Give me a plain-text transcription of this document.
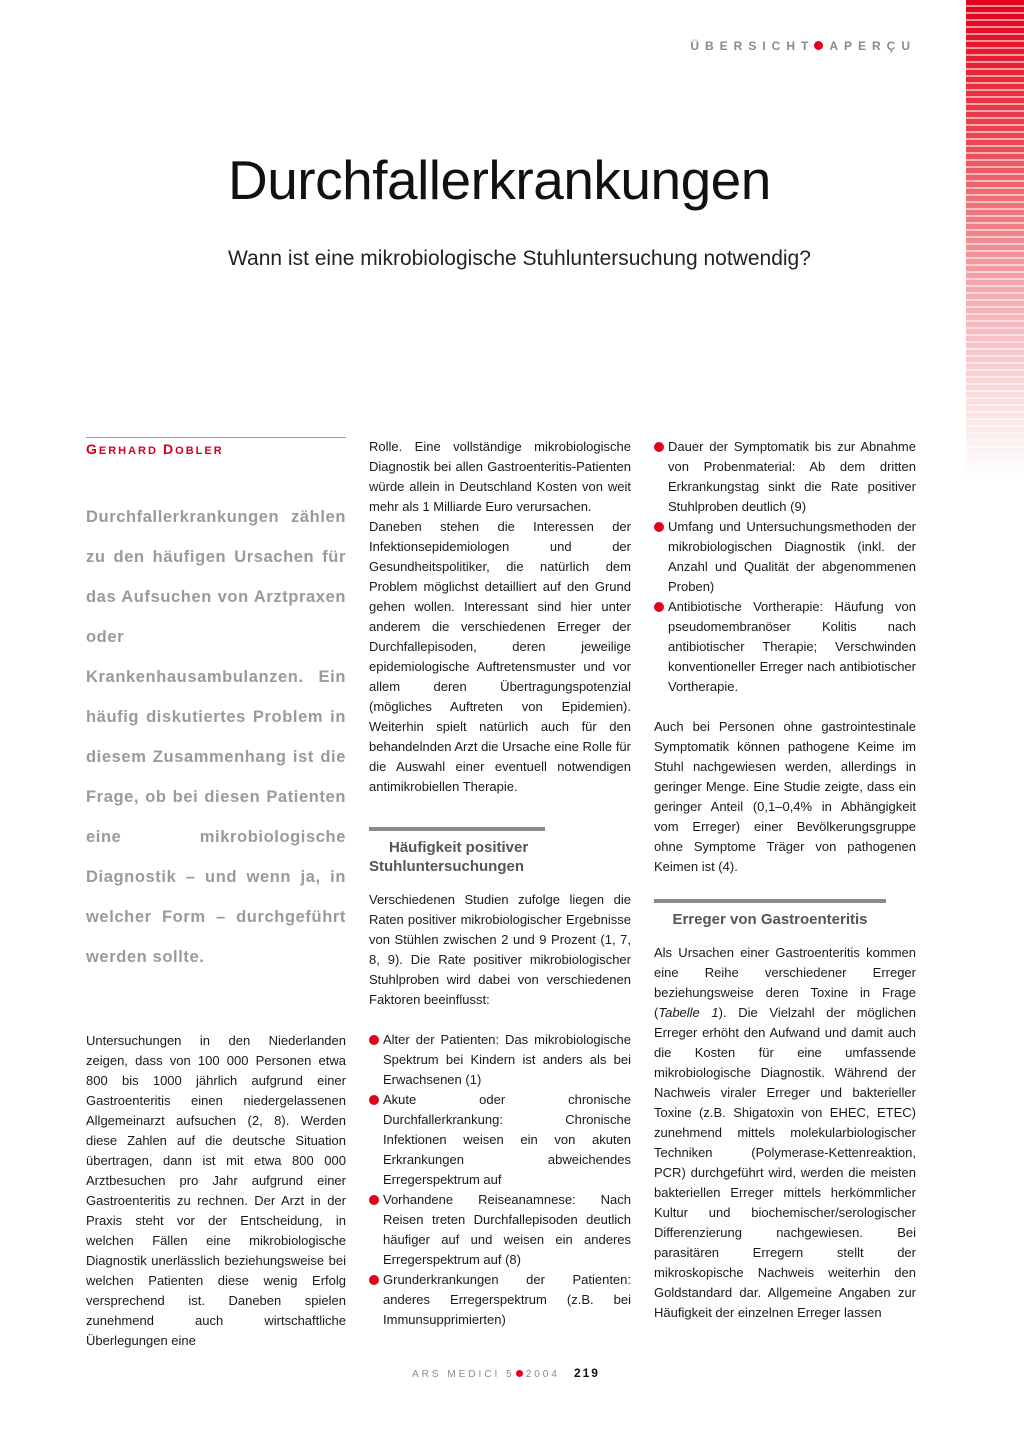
ÜBERSICHT APERÇU
Durchfallerkrankungen
Wann ist eine mikrobiologische Stuhluntersuchung notwendig?
GERHARD DOBLER
Durchfallerkrankungen zählen zu den häufigen Ursachen für das Aufsuchen von Arztpraxen oder Krankenhausambulanzen. Ein häufig diskutiertes Problem in diesem Zusammenhang ist die Frage, ob bei diesen Patienten eine mikrobiologische Diagnostik – und wenn ja, in welcher Form – durchgeführt werden sollte.

Untersuchungen in den Niederlanden zeigen, dass von 100 000 Personen etwa 800 bis 1000 jährlich aufgrund einer Gastroenteritis einen niedergelassenen Allgemeinarzt aufsuchen (2, 8). Werden diese Zahlen auf die deutsche Situation übertragen, dann ist mit etwa 800 000 Arztbesuchen pro Jahr aufgrund einer Gastroenteritis zu rechnen. Der Arzt in der Praxis steht vor der Entscheidung, in welchen Fällen eine mikrobiologische Diagnostik unerlässlich beziehungsweise bei welchen Patienten diese wenig Erfolg versprechend ist. Daneben spielen zunehmend auch wirtschaftliche Überlegungen eine

Rolle. Eine vollständige mikrobiologische Diagnostik bei allen Gastroenteritis-Patienten würde allein in Deutschland Kosten von weit mehr als 1 Milliarde Euro verursachen.

Daneben stehen die Interessen der Infektionsepidemiologen und der Gesundheitspolitiker, die natürlich dem Problem möglichst detailliert auf den Grund gehen wollen. Interessant sind hier unter anderem die verschiedenen Erreger der Durchfallepisoden, deren jeweilige epidemiologische Auftretensmuster und vor allem deren Übertragungspotenzial (mögliches Auftreten von Epidemien). Weiterhin spielt natürlich auch für den behandelnden Arzt die Ursache eine Rolle für die Auswahl einer eventuell notwendigen antimikrobiellen Therapie.

Häufigkeit positiver
Stuhluntersuchungen

Verschiedenen Studien zufolge liegen die Raten positiver mikrobiologischer Ergebnisse von Stühlen zwischen 2 und 9 Prozent (1, 7, 8, 9). Die Rate positiver mikrobiologischer Stuhlproben wird dabei von verschiedenen Faktoren beeinflusst:

Alter der Patienten: Das mikrobiologische Spektrum bei Kindern ist anders als bei Erwachsenen (1)
Akute oder chronische Durchfallerkrankung: Chronische Infektionen weisen ein von akuten Erkrankungen abweichendes Erregerspektrum auf
Vorhandene Reiseanamnese: Nach Reisen treten Durchfallepisoden deutlich häufiger auf und weisen ein anderes Erregerspektrum auf (8)
Grunderkrankungen der Patienten: anderes Erregerspektrum (z.B. bei Immunsupprimierten)
Dauer der Symptomatik bis zur Abnahme von Probenmaterial: Ab dem dritten Erkrankungstag sinkt die Rate positiver Stuhlproben deutlich (9)
Umfang und Untersuchungsmethoden der mikrobiologischen Diagnostik (inkl. der Anzahl und Qualität der abgenommenen Proben)
Antibiotische Vortherapie: Häufung von pseudomembranöser Kolitis nach antibiotischer Therapie; Verschwinden konventioneller Erreger nach antibiotischer Vortherapie.

Auch bei Personen ohne gastrointestinale Symptomatik können pathogene Keime im Stuhl nachgewiesen werden, allerdings in geringer Menge. Eine Studie zeigte, dass ein geringer Anteil (0,1–0,4% in Abhängigkeit vom Erreger) einer Bevölkerungsgruppe ohne Symptome Träger von pathogenen Keimen ist (4).

Erreger von Gastroenteritis

Als Ursachen einer Gastroenteritis kommen eine Reihe verschiedener Erreger beziehungsweise deren Toxine in Frage (Tabelle 1). Die Vielzahl der möglichen Erreger erhöht den Aufwand und damit auch die Kosten für eine umfassende mikrobiologische Diagnostik. Während der Nachweis viraler Erreger und bakterieller Toxine (z.B. Shigatoxin von EHEC, ETEC) zunehmend mittels molekularbiologischer Techniken (Polymerase-Kettenreaktion, PCR) durchgeführt wird, werden die meisten bakteriellen Erreger mittels herkömmlicher Kultur und biochemischer/serologischer Differenzierung nachgewiesen. Bei parasitären Erregern stellt der mikroskopische Nachweis weiterhin den Goldstandard dar. Allgemeine Angaben zur Häufigkeit der einzelnen Erreger lassen

ARS MEDICI 5 2004 219
